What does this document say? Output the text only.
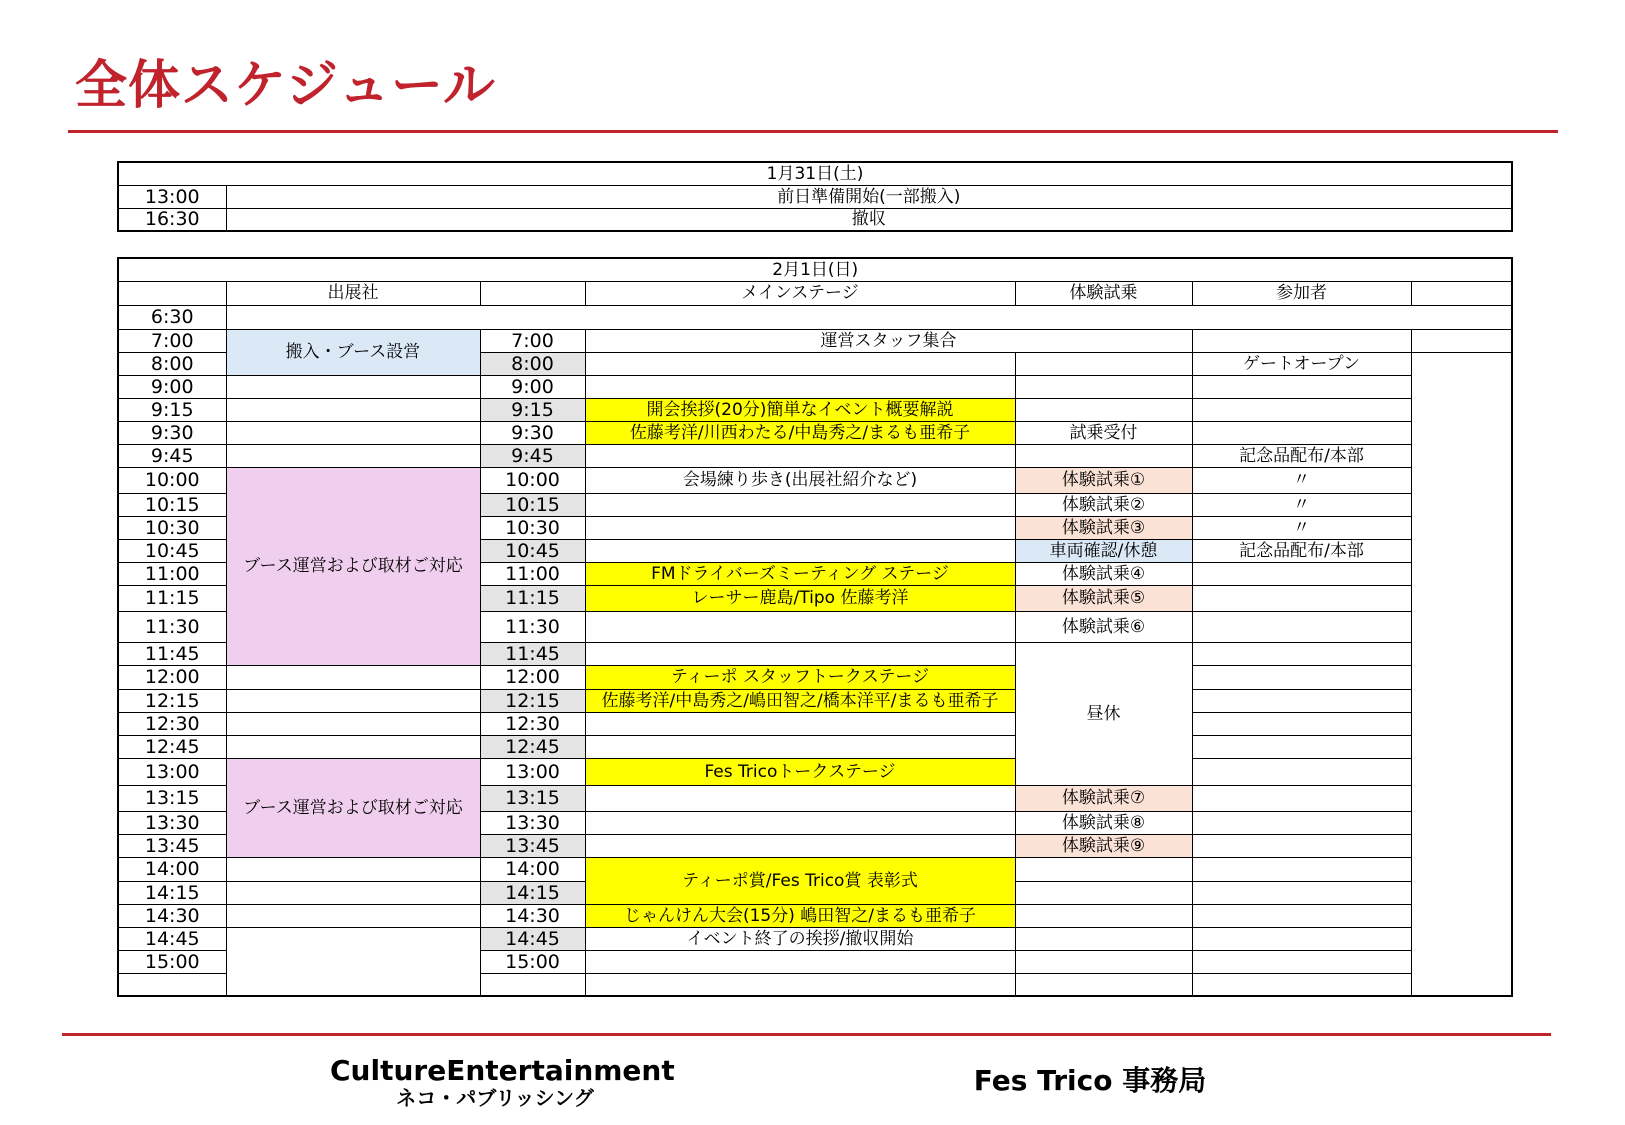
全体スケジュール
1月31日(土)	
13:00	前日準備開始(一部搬入)
16:30	撤収
2月1日(日)							
	出展社		メインステージ	体験試乗	参加者		
6:30							
7:00	搬入・ブース設営	7:00	運営スタッフ集合				
8:00		8:00			ゲートオープン		
9:00		9:00					
9:15		9:15	開会挨拶(20分)簡単なイベント概要解説				
9:30		9:30	佐藤考洋/川西わたる/中島秀之/まるも亜希子	試乗受付			
9:45		9:45			記念品配布/本部		
10:00	ブース運営および取材ご対応	10:00	会場練り歩き(出展社紹介など)	体験試乗①	〃		
10:15		10:15		体験試乗②	〃		
10:30		10:30		体験試乗③	〃		
10:45		10:45		車両確認/休憩	記念品配布/本部		
11:00		11:00	FMドライバーズミーティング ステージ	体験試乗④			
11:15		11:15	レーサー鹿島/Tipo 佐藤考洋	体験試乗⑤			
11:30		11:30		体験試乗⑥			
11:45		11:45		昼休			
12:00		12:00	ティーポ スタッフトークステージ				
12:15		12:15	佐藤考洋/中島秀之/嶋田智之/橋本洋平/まるも亜希子				
12:30		12:30					
12:45		12:45					
13:00	ブース運営および取材ご対応	13:00	Fes Tricoトークステージ				
13:15		13:15		体験試乗⑦			
13:30		13:30		体験試乗⑧			
13:45		13:45		体験試乗⑨			
14:00		14:00	ティーポ賞/Fes Trico賞 表彰式				
14:15		14:15					
14:30		14:30	じゃんけん大会(15分) 嶋田智之/まるも亜希子				
14:45		14:45	イベント終了の挨拶/撤収開始				
15:00		15:00					

CultureEntertainment
ネコ・パブリッシング
Fes Trico 事務局
